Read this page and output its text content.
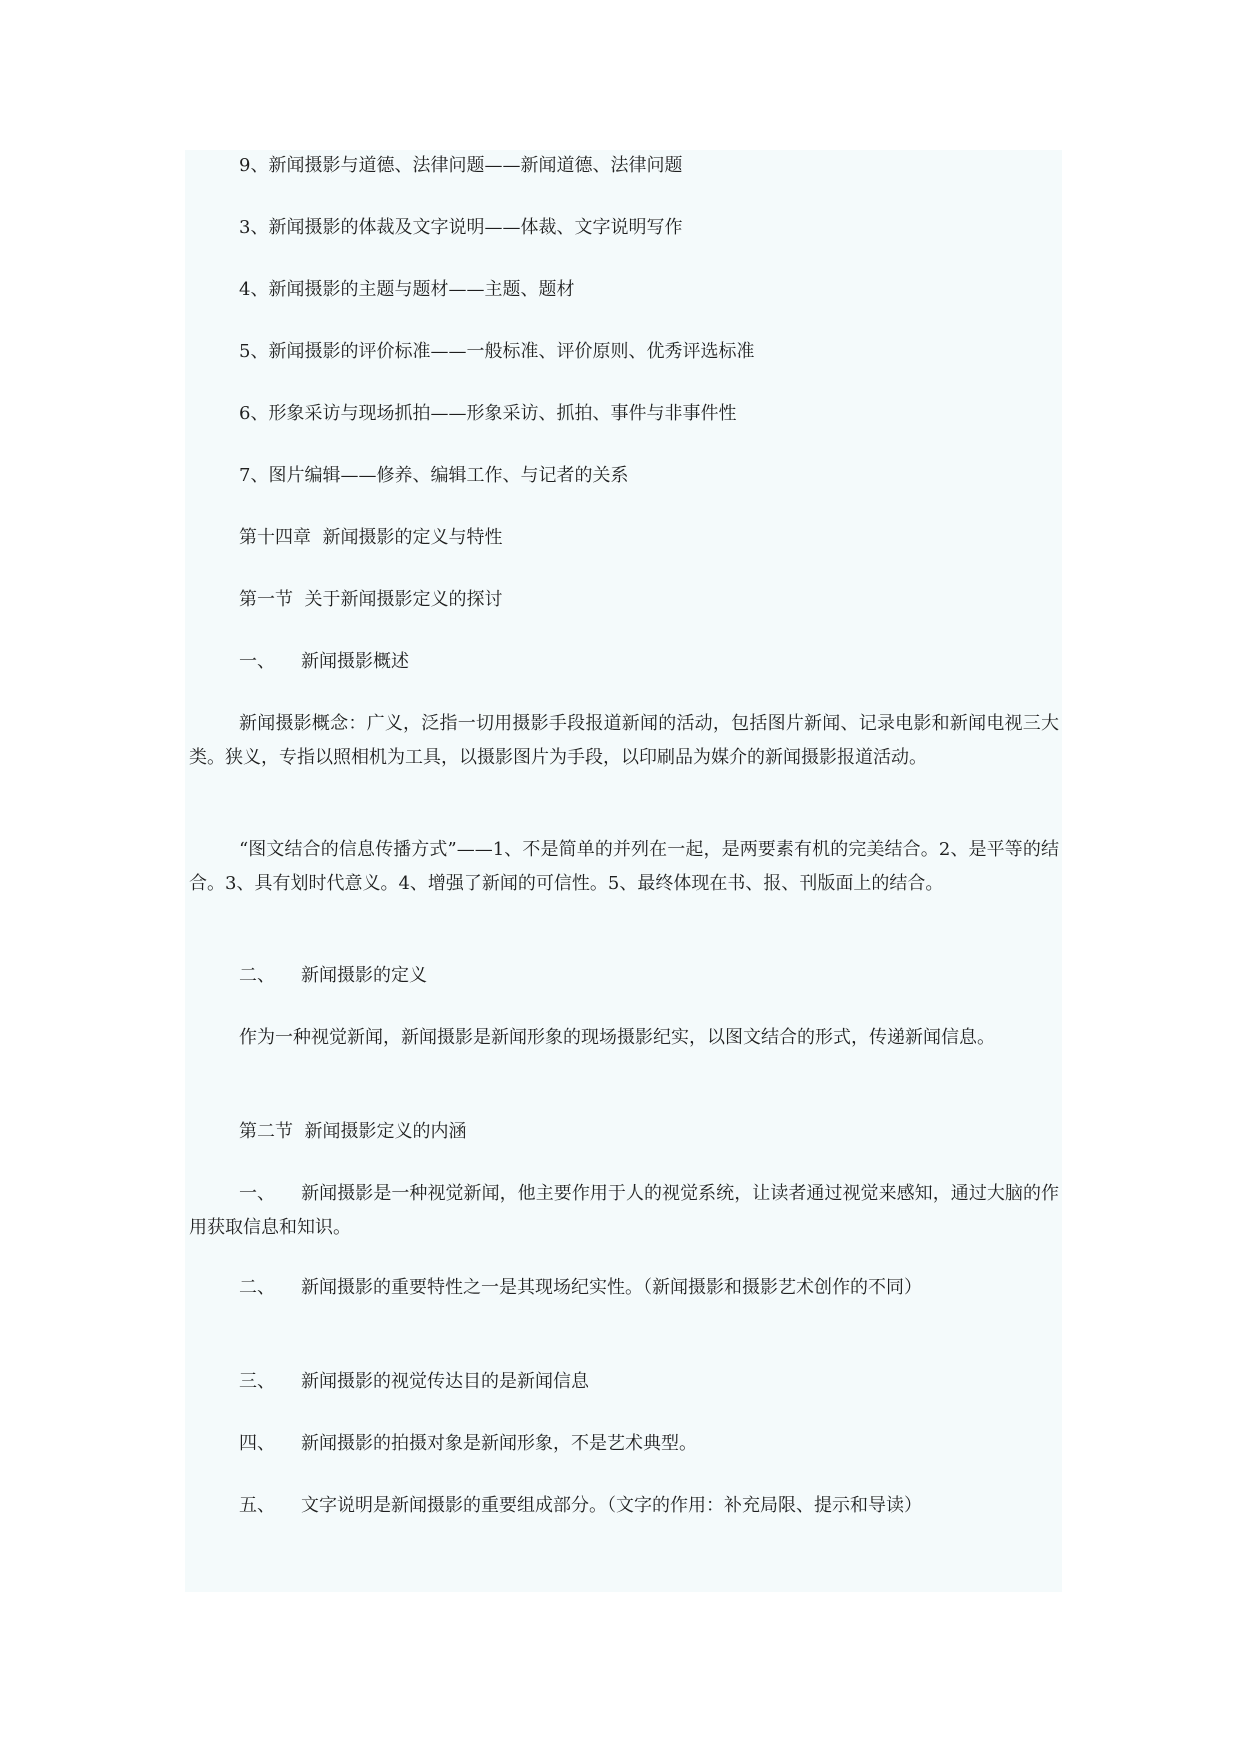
9、新闻摄影与道德、法律问题——新闻道德、法律问题

3、新闻摄影的体裁及文字说明——体裁、文字说明写作

4、新闻摄影的主题与题材——主题、题材

5、新闻摄影的评价标准——一般标准、评价原则、优秀评选标准

6、形象采访与现场抓拍——形象采访、抓拍、事件与非事件性

7、图片编辑——修养、编辑工作、与记者的关系

第十四章  新闻摄影的定义与特性

第一节  关于新闻摄影定义的探讨

一、 新闻摄影概述

新闻摄影概念：广义，泛指一切用摄影手段报道新闻的活动，包括图片新闻、记录电影和新闻电视三大类。狭义，专指以照相机为工具，以摄影图片为手段，以印刷品为媒介的新闻摄影报道活动。

“图文结合的信息传播方式”——1、不是简单的并列在一起，是两要素有机的完美结合。2、是平等的结合。3、具有划时代意义。4、增强了新闻的可信性。5、最终体现在书、报、刊版面上的结合。

二、 新闻摄影的定义

作为一种视觉新闻，新闻摄影是新闻形象的现场摄影纪实，以图文结合的形式，传递新闻信息。

第二节  新闻摄影定义的内涵

一、 新闻摄影是一种视觉新闻，他主要作用于人的视觉系统，让读者通过视觉来感知，通过大脑的作用获取信息和知识。

二、 新闻摄影的重要特性之一是其现场纪实性。（新闻摄影和摄影艺术创作的不同）

三、 新闻摄影的视觉传达目的是新闻信息

四、 新闻摄影的拍摄对象是新闻形象，不是艺术典型。

五、 文字说明是新闻摄影的重要组成部分。（文字的作用：补充局限、提示和导读）
